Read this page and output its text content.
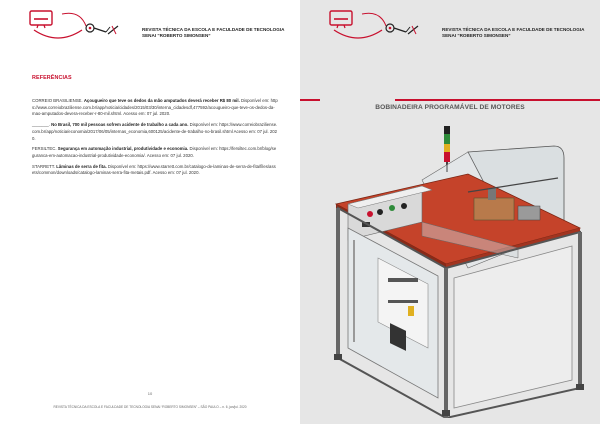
REVISTA TÉCNICA DA ESCOLA E FACULDADE DE TECNOLOGIA
SENAI “ROBERTO SIMONSEN”
REFERÊNCIAS
CORREIO BRASILIENSE. Açougueiro que teve os dedos da mão amputados deverá receber R$ 80 mil. Disponível em: https://www.correiobraziliense.com.br/app/noticia/cidades/2015/03/30/interna_cidadesdf,477592/acougueiro-que-teve-os-dedos-da-mao-amputados-devera-receber-r-80-mil.shtml. Acesso em: 07 jul. 2020.
_______. No Brasil, 700 mil pessoas sofrem acidente de trabalho a cada ano. Disponível em: https://www.correiobraziliense.com.br/app/noticia/economia/2017/06/05/internas_economia,600125/acidente-de-trabalho-no-brasil.shtml Acesso em: 07 jul. 2020.
FERSILTEC. Segurança em automação industrial, produtividade e economia. Disponível em: https://fersiltec.com.br/blog/seguranca-em-automacao-industrial-produtividade-economia/. Acesso em: 07 jul. 2020.
STARRETT. Lâminas de serra de fita. Disponível em: https://www.starrett.com.br/catalogo-de-laminas-de-serra-de-fita/files/assets/common/downloads/catalogo-laminas-serra-fita-metais.pdf. Acesso em: 07 jul. 2020.
10
REVISTA TÉCNICA DA ESCOLA E FACULDADE DE TECNOLOGIA SENAI “ROBERTO SIMONSEN” – SÃO PAULO – n. 6, jan/jul. 2020
REVISTA TÉCNICA DA ESCOLA E FACULDADE DE TECNOLOGIA
SENAI “ROBERTO SIMONSEN”
BOBINADEIRA PROGRAMÁVEL DE MOTORES
